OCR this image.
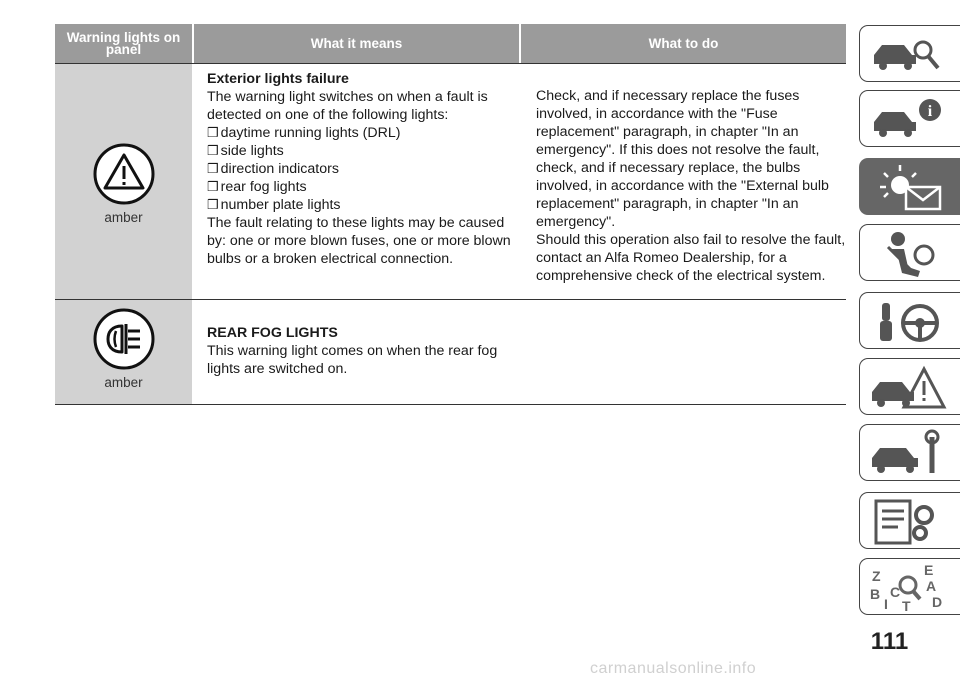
Warning lights on panel	What it means	What to do
amber

Exterior lights failure

The warning light switches on when a fault is detected on one of the following lights:

❒ daytime running lights (DRL)

❒ side lights

❒ direction indicators

❒ rear fog lights

❒ number plate lights

The fault relating to these lights may be caused by: one or more blown fuses, one or more blown bulbs or a broken electrical connection.

Check, and if necessary replace the fuses involved, in accordance with the "Fuse replacement" paragraph, in chapter "In an emergency". If this does not resolve the fault, check, and if necessary replace, the bulbs involved, in accordance with the "External bulb replacement" paragraph, in chapter "In an emergency".
Should this operation also fail to resolve the fault, contact an Alfa Romeo Dealership, for a comprehensive check of the electrical system.
amber

REAR FOG LIGHTS

This warning light comes on when the rear fog lights are switched on.

i
Z
B
I
C
T
E
A
D
111
carmanualsonline.info
